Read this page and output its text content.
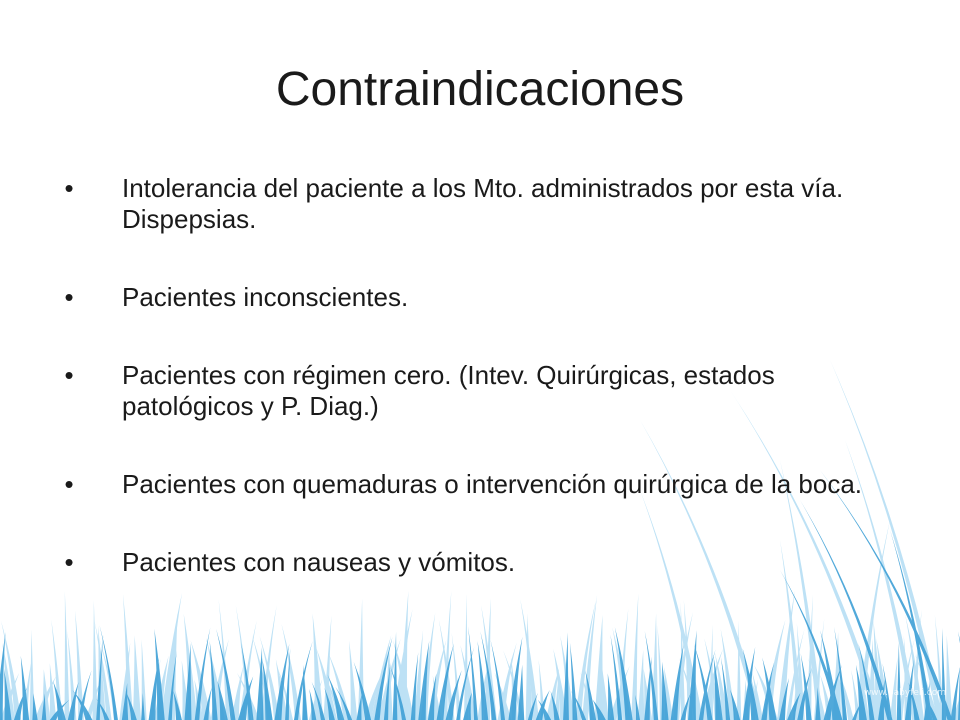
Contraindicaciones
• Intolerancia del paciente a los Mto. administrados por esta vía. Dispepsias.
• Pacientes inconscientes.
• Pacientes con régimen cero. (Intev. Quirúrgicas, estados patológicos y P. Diag.)
• Pacientes con quemaduras o intervención quirúrgica de la boca.
• Pacientes con nauseas y vómitos.
www.babyfeli.com
